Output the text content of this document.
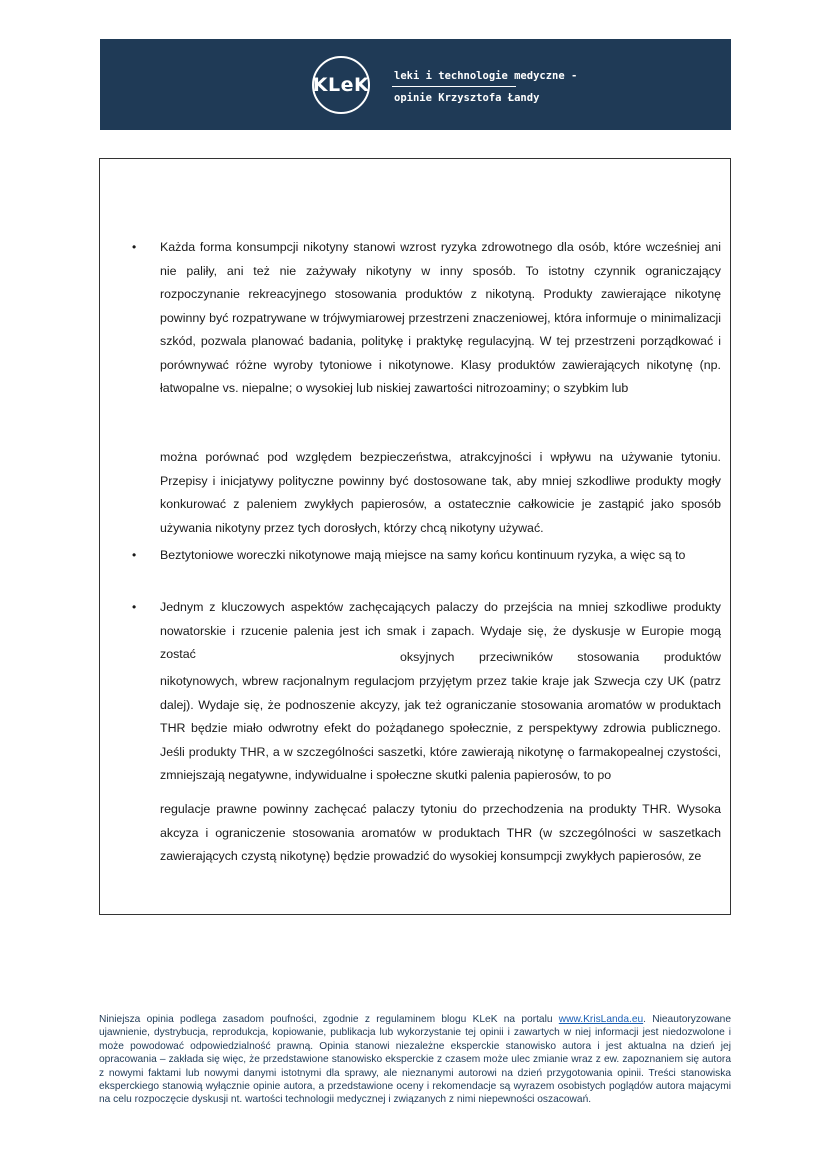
KLeK leki i technologie medyczne -
opinie Krzysztofa Łandy
• Każda forma konsumpcji nikotyny stanowi wzrost ryzyka zdrowotnego dla osób, które wcześniej ani nie paliły, ani też nie zażywały nikotyny w inny sposób. To istotny czynnik ograniczający rozpoczynanie rekreacyjnego stosowania produktów z nikotyną. Produkty zawierające nikotynę powinny być rozpatrywane w trójwymiarowej przestrzeni znaczeniowej, która informuje o minimalizacji szkód, pozwala planować badania, politykę i praktykę regulacyjną. W tej przestrzeni porządkować i porównywać różne wyroby tytoniowe i nikotynowe. Klasy produktów zawierających nikotynę (np. łatwopalne vs. niepalne; o wysokiej lub niskiej zawartości nitrozoaminy; o szybkim lub
można porównać pod względem bezpieczeństwa, atrakcyjności i wpływu na używanie tytoniu. Przepisy i inicjatywy polityczne powinny być dostosowane tak, aby mniej szkodliwe produkty mogły konkurować z paleniem zwykłych papierosów, a ostatecznie całkowicie je zastąpić jako sposób używania nikotyny przez tych dorosłych, którzy chcą nikotyny używać.
• Beztytoniowe woreczki nikotynowe mają miejsce na samy końcu kontinuum ryzyka, a więc są to
• Jednym z kluczowych aspektów zachęcających palaczy do przejścia na mniej szkodliwe produkty nowatorskie i rzucenie palenia jest ich smak i zapach. Wydaje się, że dyskusje w Europie mogą zostać	oksyjnych przeciwników stosowania produktów
nikotynowych, wbrew racjonalnym regulacjom przyjętym przez takie kraje jak Szwecja czy UK (patrz dalej). Wydaje się, że podnoszenie akcyzy, jak też ograniczanie stosowania aromatów w produktach THR będzie miało odwrotny efekt do pożądanego społecznie, z perspektywy zdrowia publicznego. Jeśli produkty THR, a w szczególności saszetki, które zawierają nikotynę o farmakopealnej czystości, zmniejszają negatywne, indywidualne i społeczne skutki palenia papierosów, to po
regulacje prawne powinny zachęcać palaczy tytoniu do przechodzenia na produkty THR. Wysoka akcyza i ograniczenie stosowania aromatów w produktach THR (w szczególności w saszetkach zawierających czystą nikotynę) będzie prowadzić do wysokiej konsumpcji zwykłych papierosów, ze
Niniejsza opinia podlega zasadom poufności, zgodnie z regulaminem blogu KLeK na portalu www.KrisLanda.eu. Nieautoryzowane ujawnienie, dystrybucja, reprodukcja, kopiowanie, publikacja lub wykorzystanie tej opinii i zawartych w niej informacji jest niedozwolone i może powodować odpowiedzialność prawną. Opinia stanowi niezależne eksperckie stanowisko autora i jest aktualna na dzień jej opracowania – zakłada się więc, że przedstawione stanowisko eksperckie z czasem może ulec zmianie wraz z ew. zapoznaniem się autora z nowymi faktami lub nowymi danymi istotnymi dla sprawy, ale nieznanymi autorowi na dzień przygotowania opinii. Treści stanowiska eksperckiego stanowią wyłącznie opinie autora, a przedstawione oceny i rekomendacje są wyrazem osobistych poglądów autora mającymi na celu rozpoczęcie dyskusji nt. wartości technologii medycznej i związanych z nimi niepewności oszacowań.
